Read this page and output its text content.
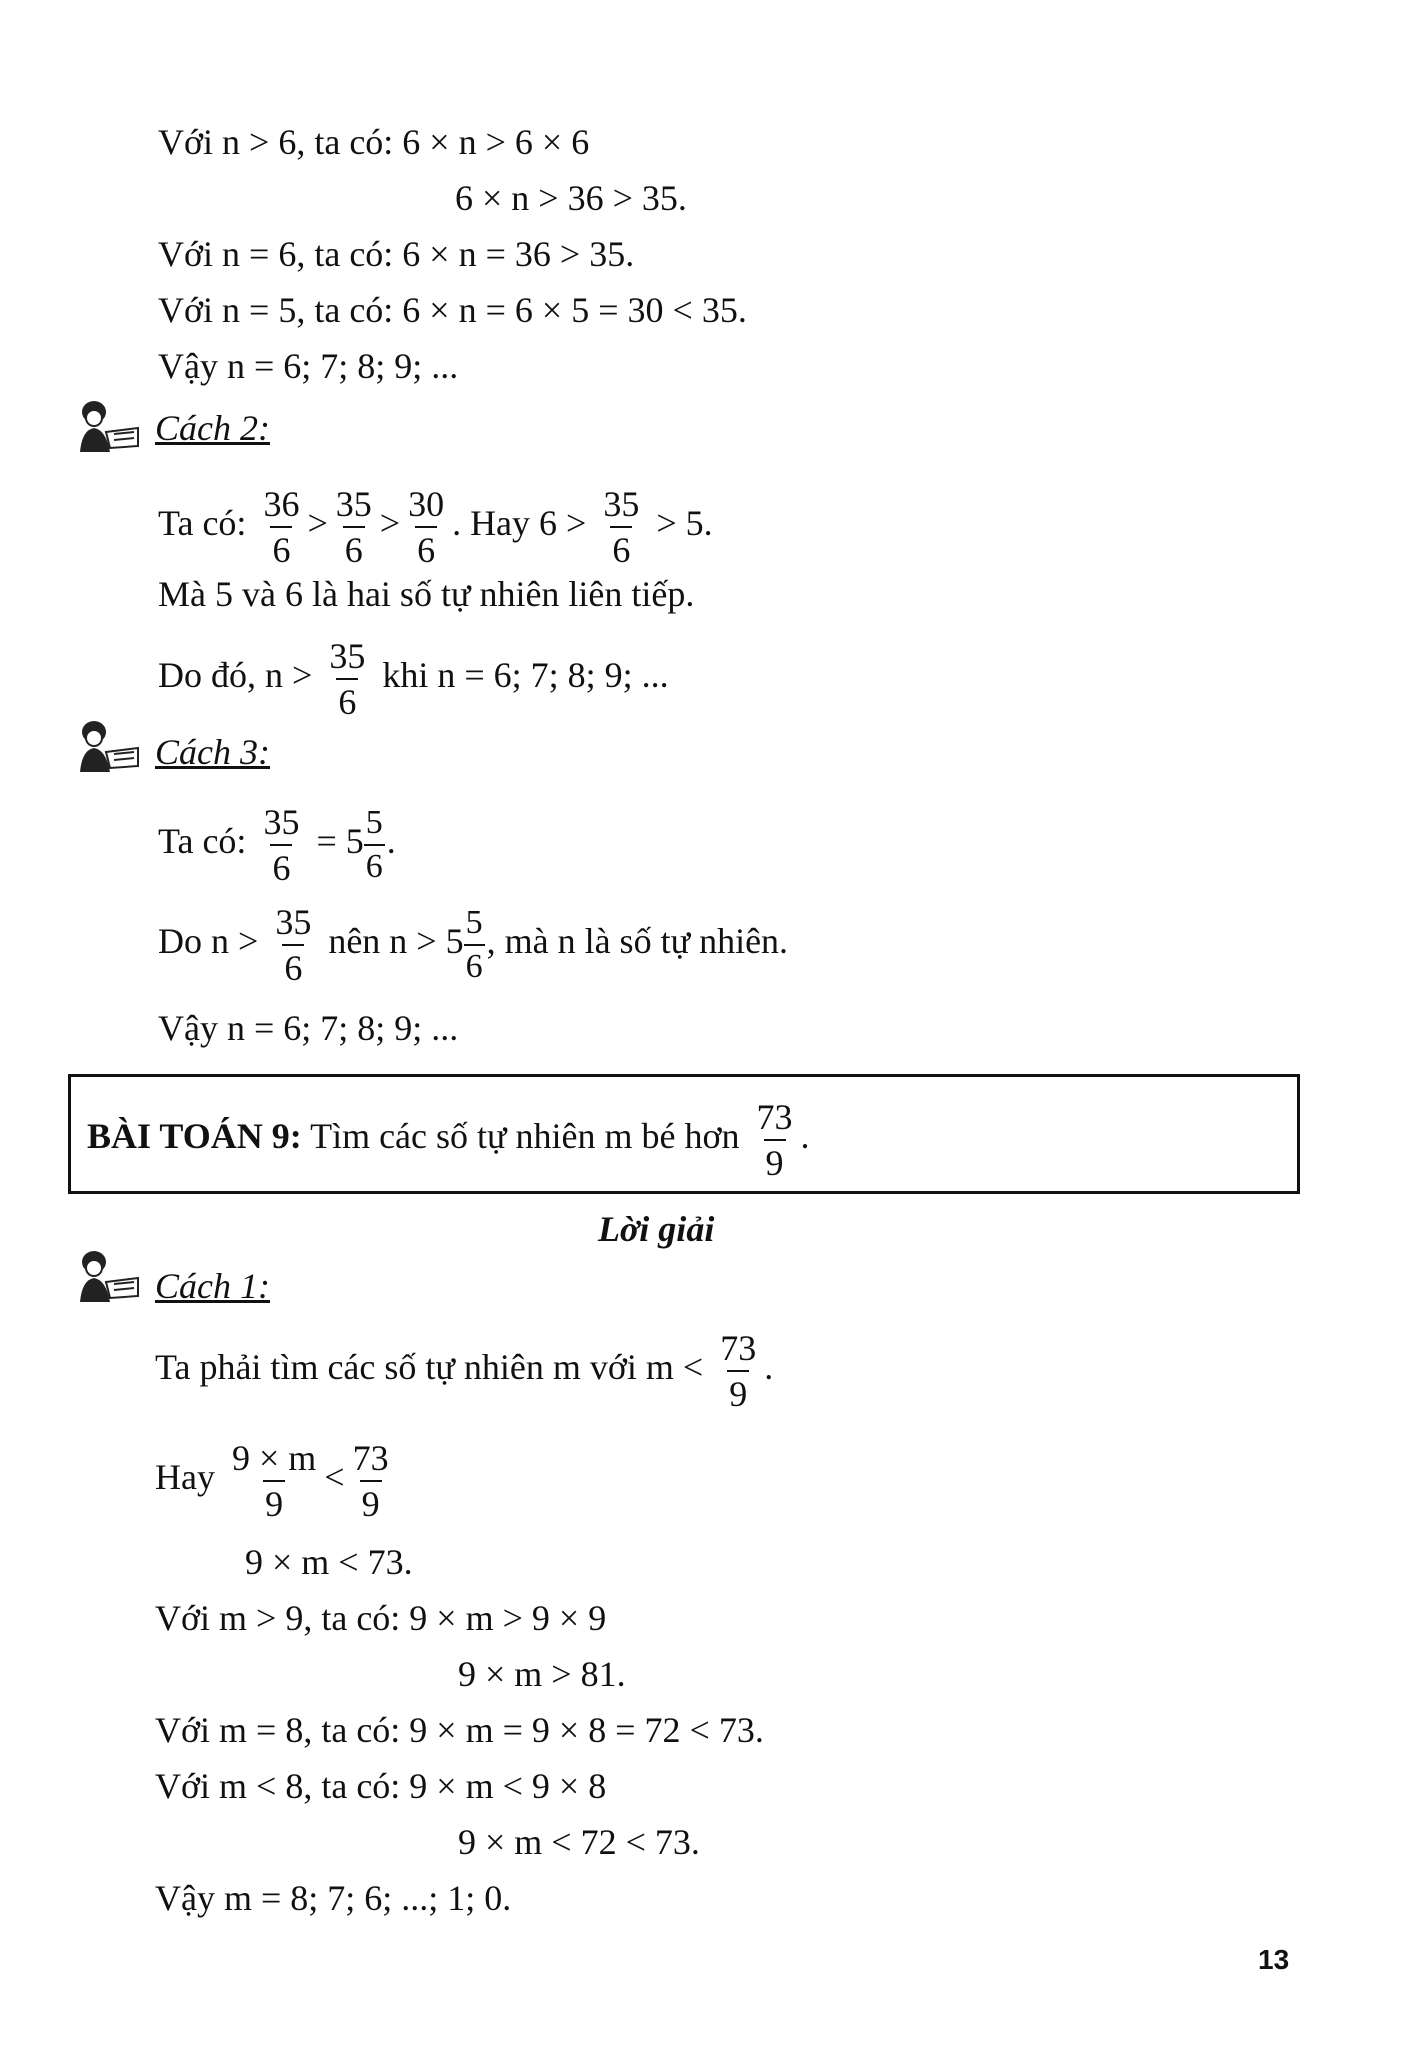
Với n > 6, ta có: 6 × n > 6 × 6
6 × n > 36 > 35.
Với n = 6, ta có: 6 × n = 36 > 35.
Với n = 5, ta có: 6 × n = 6 × 5 = 30 < 35.
Vậy n = 6; 7; 8; 9; ...
Cách 2:
Ta có: $\frac{36}{6} > \frac{35}{6} > \frac{30}{6}$ . Hay $6 > \frac{35}{6} > 5$.
Mà 5 và 6 là hai số tự nhiên liên tiếp.
Do đó, $n > \frac{35}{6}$ khi n = 6; 7; 8; 9; ...
Cách 3:
Ta có: $\frac{35}{6} = 5 \frac{5}{6}$ .
Do $n > \frac{35}{6}$ nên $n > 5 \frac{5}{6}$ , mà n là số tự nhiên.
Vậy n = 6; 7; 8; 9; ...
BÀI TOÁN 9: Tìm các số tự nhiên m bé hơn $\frac{73}{9}$ .
Lời giải
Cách 1:
Ta phải tìm các số tự nhiên m với $m < \frac{73}{9}$ .
Hay $\frac{9 \times m}{9} < \frac{73}{9}$
9 × m < 73.
Với m > 9, ta có: 9 × m > 9 × 9
9 × m > 81.
Với m = 8, ta có: 9 × m = 9 × 8 = 72 < 73.
Với m < 8, ta có: 9 × m < 9 × 8
9 × m < 72 < 73.
Vậy m = 8; 7; 6; ...; 1; 0.
13
